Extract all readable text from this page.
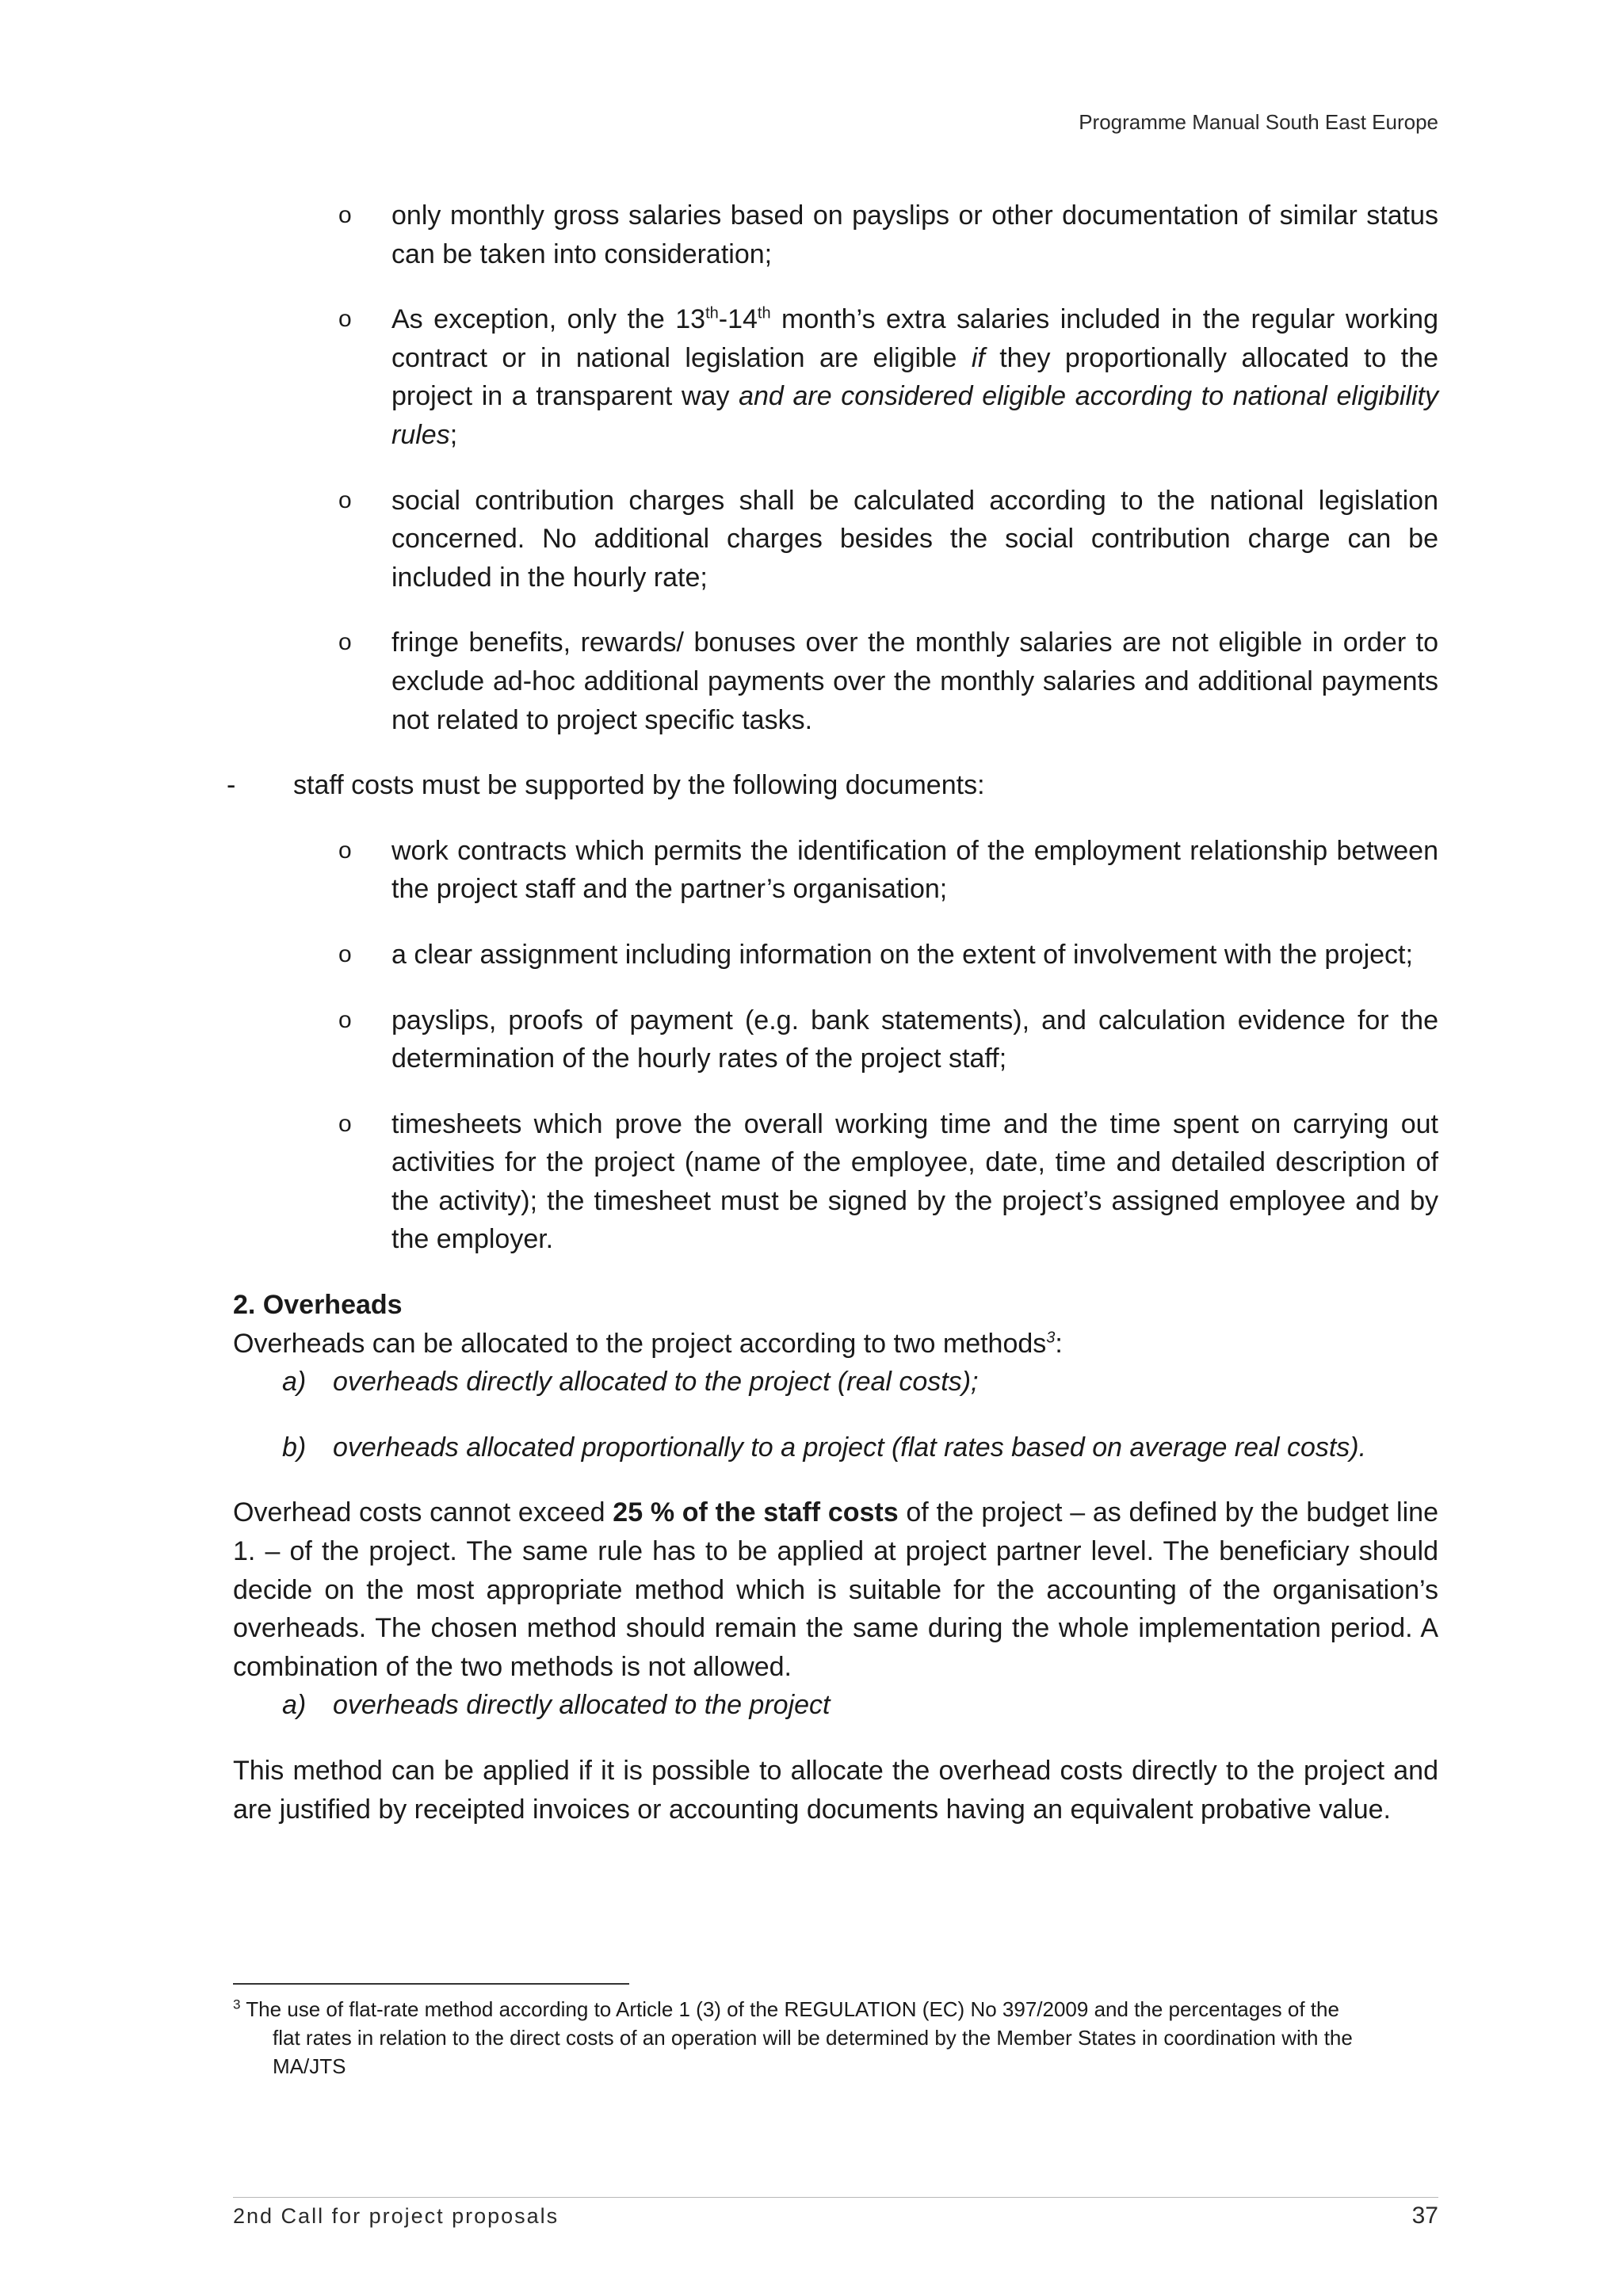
Programme Manual South East Europe
o only monthly gross salaries based on payslips or other documentation of similar status can be taken into consideration;

o As exception, only the 13th-14th month’s extra salaries included in the regular working contract or in national legislation are eligible if they proportionally allocated to the project in a transparent way and are considered eligible according to national eligibility rules;

o social contribution charges shall be calculated according to the national legislation concerned. No additional charges besides the social contribution charge can be included in the hourly rate;

o fringe benefits, rewards/ bonuses over the monthly salaries are not eligible in order to exclude ad-hoc additional payments over the monthly salaries and additional payments not related to project specific tasks.

- staff costs must be supported by the following documents:

o work contracts which permits the identification of the employment relationship between the project staff and the partner’s organisation;

o a clear assignment including information on the extent of involvement with the project;

o payslips, proofs of payment (e.g. bank statements), and calculation evidence for the determination of the hourly rates of the project staff;

o timesheets which prove the overall working time and the time spent on carrying out activities for the project (name of the employee, date, time and detailed description of the activity); the timesheet must be signed by the project’s assigned employee and by the employer.

2. Overheads

Overheads can be allocated to the project according to two methods$^3$:

a) overheads directly allocated to the project (real costs);

b) overheads allocated proportionally to a project (flat rates based on average real costs).

Overhead costs cannot exceed 25 % of the staff costs of the project – as defined by the budget line 1. – of the project. The same rule has to be applied at project partner level. The beneficiary should decide on the most appropriate method which is suitable for the accounting of the organisation’s overheads. The chosen method should remain the same during the whole implementation period. A combination of the two methods is not allowed.

a) overheads directly allocated to the project

This method can be applied if it is possible to allocate the overhead costs directly to the project and are justified by receipted invoices or accounting documents having an equivalent probative value.

$^3$ The use of flat-rate method according to Article 1 (3) of the REGULATION (EC) No 397/2009 and the percentages of the
flat rates in relation to the direct costs of an operation will be determined by the Member States in coordination with the MA/JTS
2nd Call for project proposals	37
